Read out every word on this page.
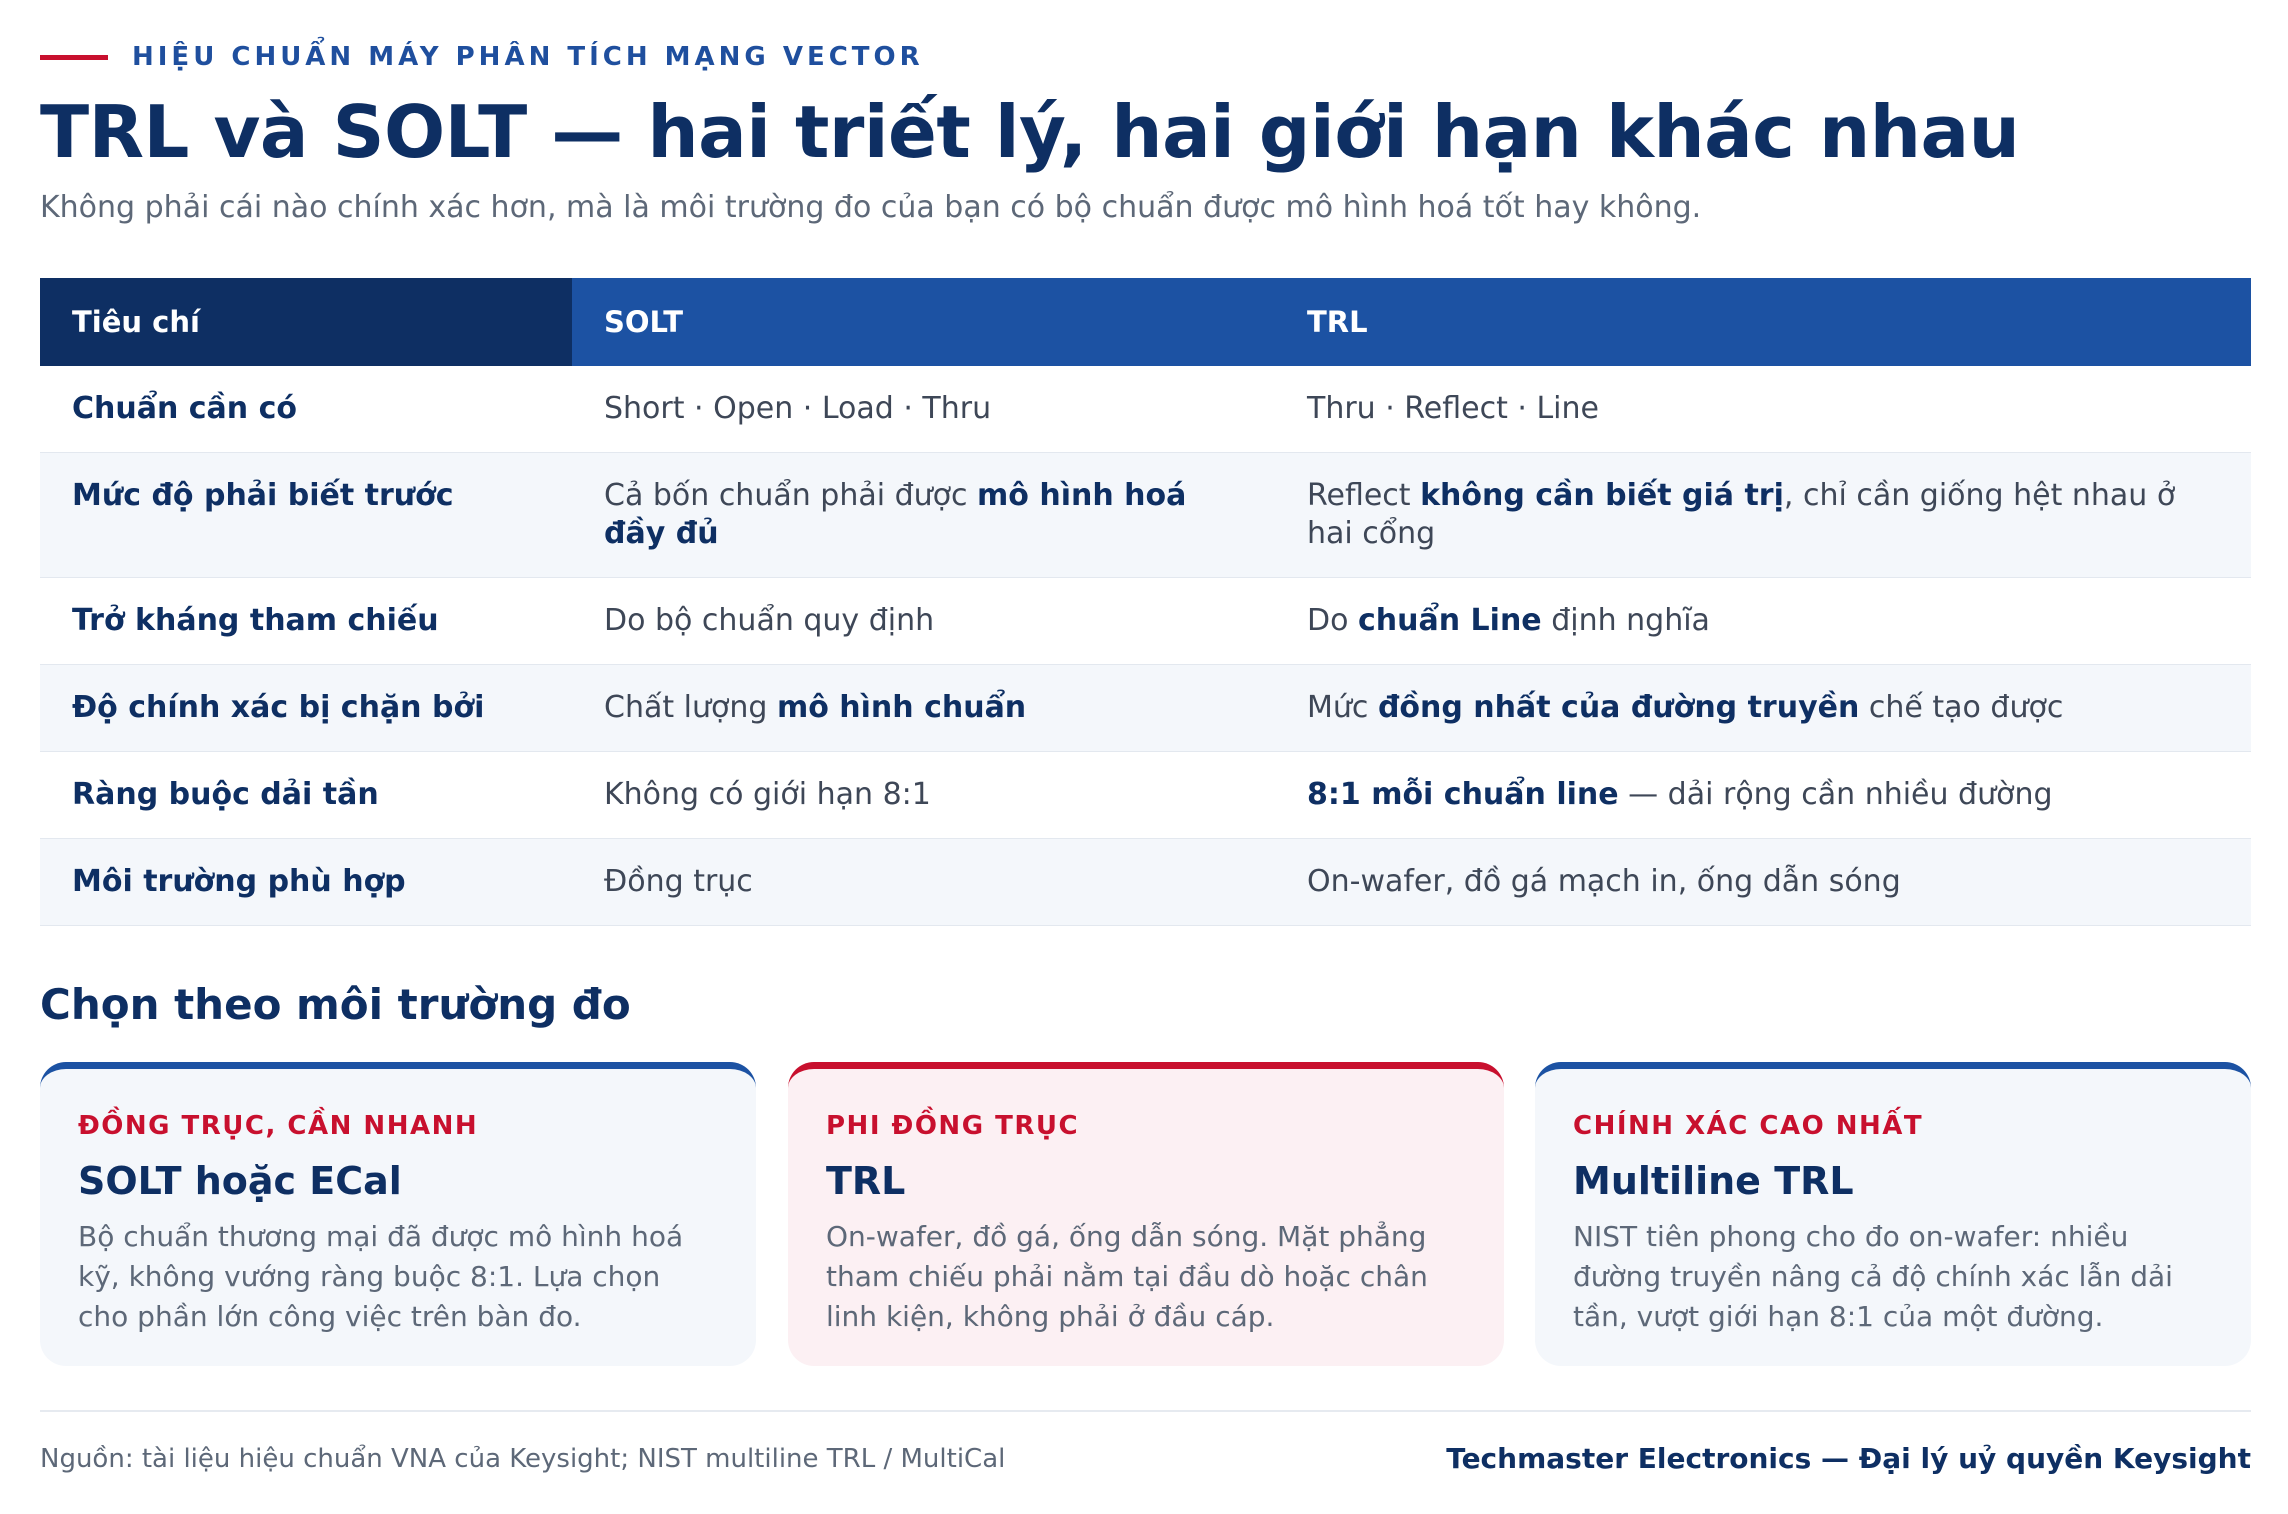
HIỆU CHUẨN MÁY PHÂN TÍCH MẠNG VECTOR
TRL và SOLT — hai triết lý, hai giới hạn khác nhau
Không phải cái nào chính xác hơn, mà là môi trường đo của bạn có bộ chuẩn được mô hình hoá tốt hay không.
Tiêu chí	SOLT	TRL
Chuẩn cần có	Short · Open · Load · Thru	Thru · Reflect · Line
Mức độ phải biết trước	Cả bốn chuẩn phải được mô hình hoá đầy đủ	Reflect không cần biết giá trị, chỉ cần giống hệt nhau ở hai cổng
Trở kháng tham chiếu	Do bộ chuẩn quy định	Do chuẩn Line định nghĩa
Độ chính xác bị chặn bởi	Chất lượng mô hình chuẩn	Mức đồng nhất của đường truyền chế tạo được
Ràng buộc dải tần	Không có giới hạn 8:1	8:1 mỗi chuẩn line — dải rộng cần nhiều đường
Môi trường phù hợp	Đồng trục	On-wafer, đồ gá mạch in, ống dẫn sóng
Chọn theo môi trường đo
ĐỒNG TRỤC, CẦN NHANH
SOLT hoặc ECal
Bộ chuẩn thương mại đã được mô hình hoá kỹ, không vướng ràng buộc 8:1. Lựa chọn cho phần lớn công việc trên bàn đo.
PHI ĐỒNG TRỤC
TRL
On-wafer, đồ gá, ống dẫn sóng. Mặt phẳng tham chiếu phải nằm tại đầu dò hoặc chân linh kiện, không phải ở đầu cáp.
CHÍNH XÁC CAO NHẤT
Multiline TRL
NIST tiên phong cho đo on-wafer: nhiều đường truyền nâng cả độ chính xác lẫn dải tần, vượt giới hạn 8:1 của một đường.
Nguồn: tài liệu hiệu chuẩn VNA của Keysight; NIST multiline TRL / MultiCal	Techmaster Electronics — Đại lý uỷ quyền Keysight
